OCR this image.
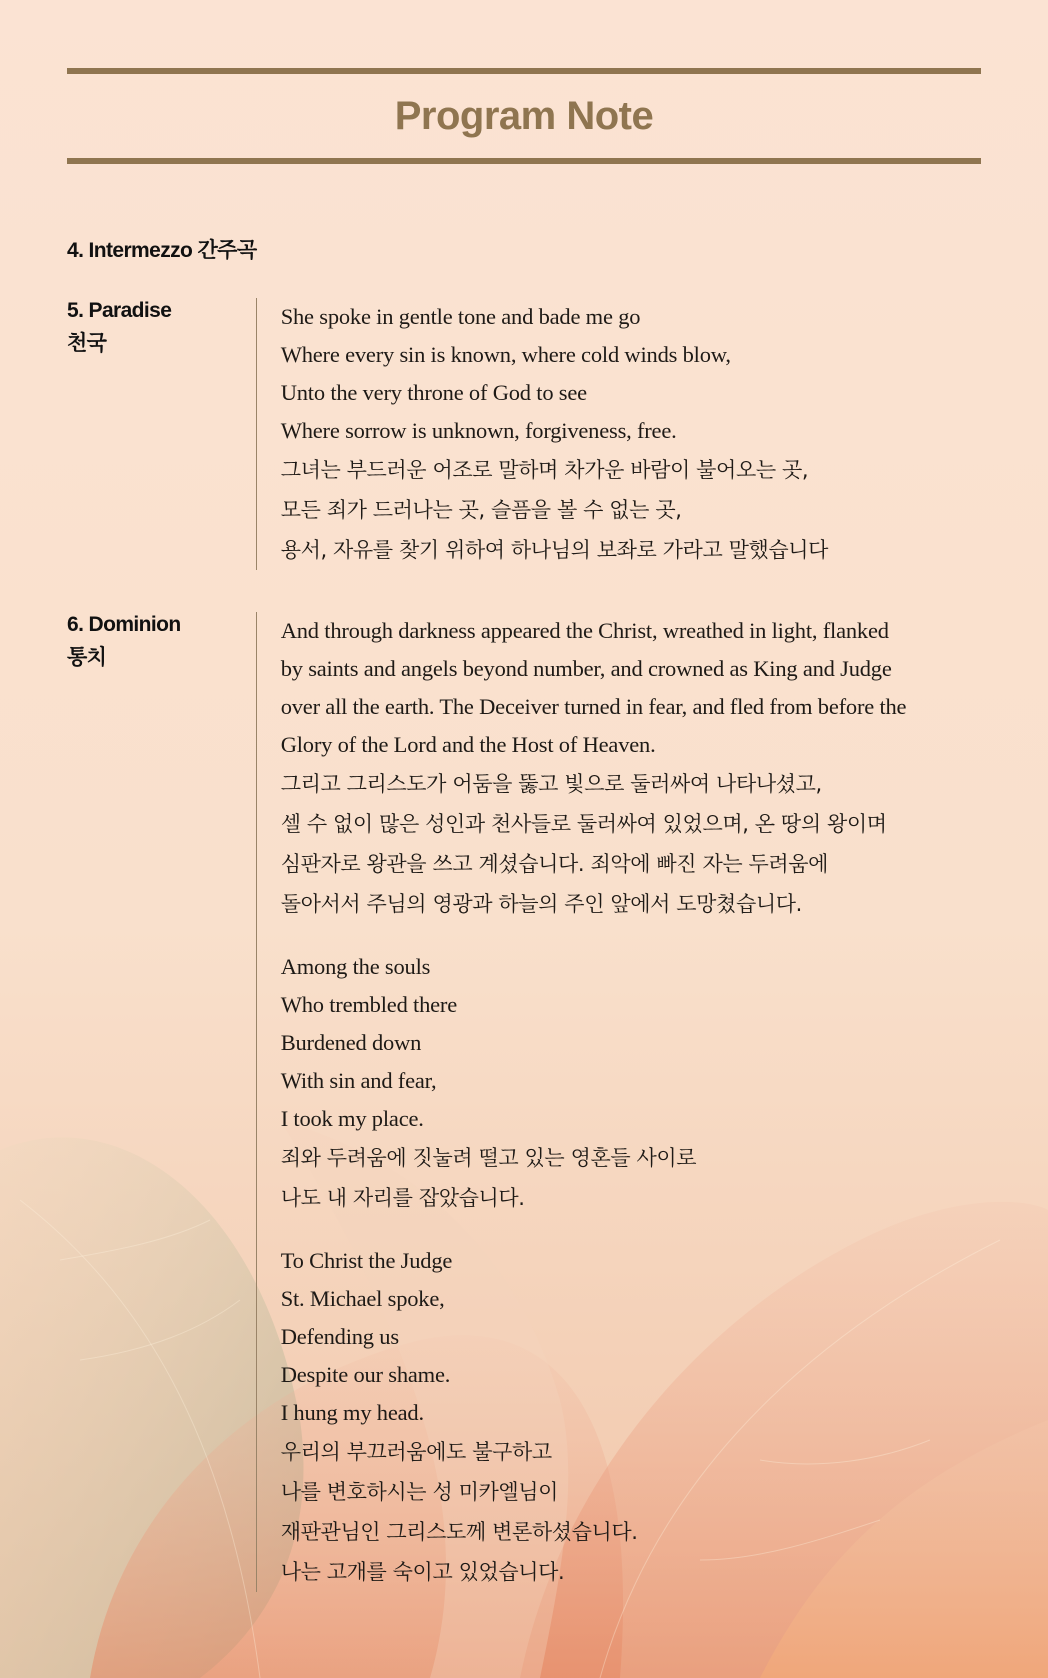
Program Note
4. Intermezzo 간주곡
5. Paradise
천국
She spoke in gentle tone and bade me go
Where every sin is known, where cold winds blow,
Unto the very throne of God to see
Where sorrow is unknown, forgiveness, free.
그녀는 부드러운 어조로 말하며 차가운 바람이 불어오는 곳,
모든 죄가 드러나는 곳, 슬픔을 볼 수 없는 곳,
용서, 자유를 찾기 위하여 하나님의 보좌로 가라고 말했습니다
6. Dominion
통치
And through darkness appeared the Christ, wreathed in light, flanked
by saints and angels beyond number, and crowned as King and Judge
over all the earth. The Deceiver turned in fear, and fled from before the
Glory of the Lord and the Host of Heaven.
그리고 그리스도가 어둠을 뚫고 빛으로 둘러싸여 나타나셨고,
셀 수 없이 많은 성인과 천사들로 둘러싸여 있었으며, 온 땅의 왕이며
심판자로 왕관을 쓰고 계셨습니다. 죄악에 빠진 자는 두려움에
돌아서서 주님의 영광과 하늘의 주인 앞에서 도망쳤습니다.
Among the souls
Who trembled there
Burdened down
With sin and fear,
I took my place.
죄와 두려움에 짓눌려 떨고 있는 영혼들 사이로
나도 내 자리를 잡았습니다.
To Christ the Judge
St. Michael spoke,
Defending us
Despite our shame.
I hung my head.
우리의 부끄러움에도 불구하고
나를 변호하시는 성 미카엘님이
재판관님인 그리스도께 변론하셨습니다.
나는 고개를 숙이고 있었습니다.
